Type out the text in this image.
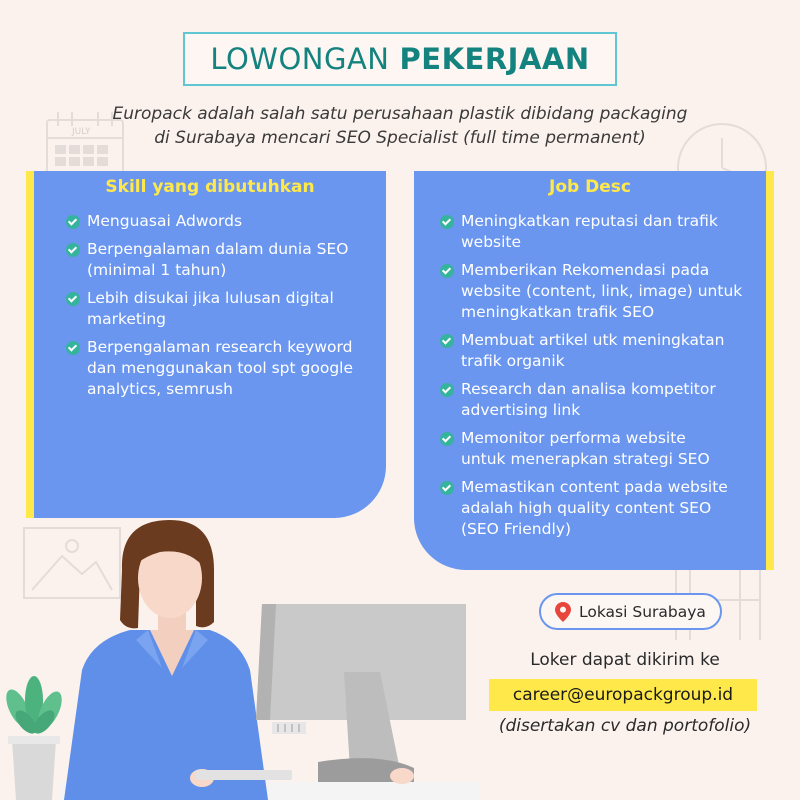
JULY
LOWONGAN PEKERJAAN
Europack adalah salah satu perusahaan plastik dibidang packaging
di Surabaya mencari SEO Specialist (full time permanent)
Skill yang dibutuhkan
Menguasai Adwords
Berpengalaman dalam dunia SEO
(minimal 1 tahun)
Lebih disukai jika lulusan digital
marketing
Berpengalaman research keyword
dan menggunakan tool spt google
analytics, semrush
Job Desc
Meningkatkan reputasi dan trafik
website
Memberikan Rekomendasi pada
website (content, link, image) untuk
meningkatkan trafik SEO
Membuat artikel utk meningkatan
trafik organik
Research dan analisa kompetitor
advertising link
Memonitor performa website
untuk menerapkan strategi SEO
Memastikan content pada website
adalah high quality content SEO
(SEO Friendly)
Lokasi Surabaya
Loker dapat dikirim ke
career@europackgroup.id
(disertakan cv dan portofolio)
